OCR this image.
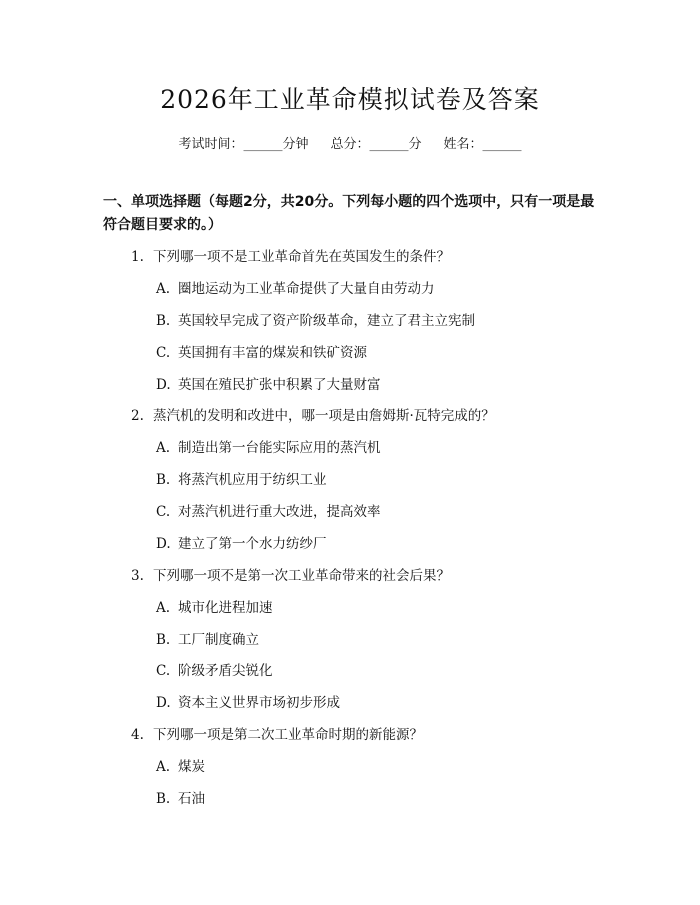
2026年工业革命模拟试卷及答案
考试时间：______分钟 总分：______分 姓名：______
一、单项选择题（每题2分，共20分。下列每小题的四个选项中，只有一项是最符合题目要求的。）
1. 下列哪一项不是工业革命首先在英国发生的条件？
A. 圈地运动为工业革命提供了大量自由劳动力
B. 英国较早完成了资产阶级革命，建立了君主立宪制
C. 英国拥有丰富的煤炭和铁矿资源
D. 英国在殖民扩张中积累了大量财富
2. 蒸汽机的发明和改进中，哪一项是由詹姆斯·瓦特完成的？
A. 制造出第一台能实际应用的蒸汽机
B. 将蒸汽机应用于纺织工业
C. 对蒸汽机进行重大改进，提高效率
D. 建立了第一个水力纺纱厂
3. 下列哪一项不是第一次工业革命带来的社会后果？
A. 城市化进程加速
B. 工厂制度确立
C. 阶级矛盾尖锐化
D. 资本主义世界市场初步形成
4. 下列哪一项是第二次工业革命时期的新能源？
A. 煤炭
B. 石油
